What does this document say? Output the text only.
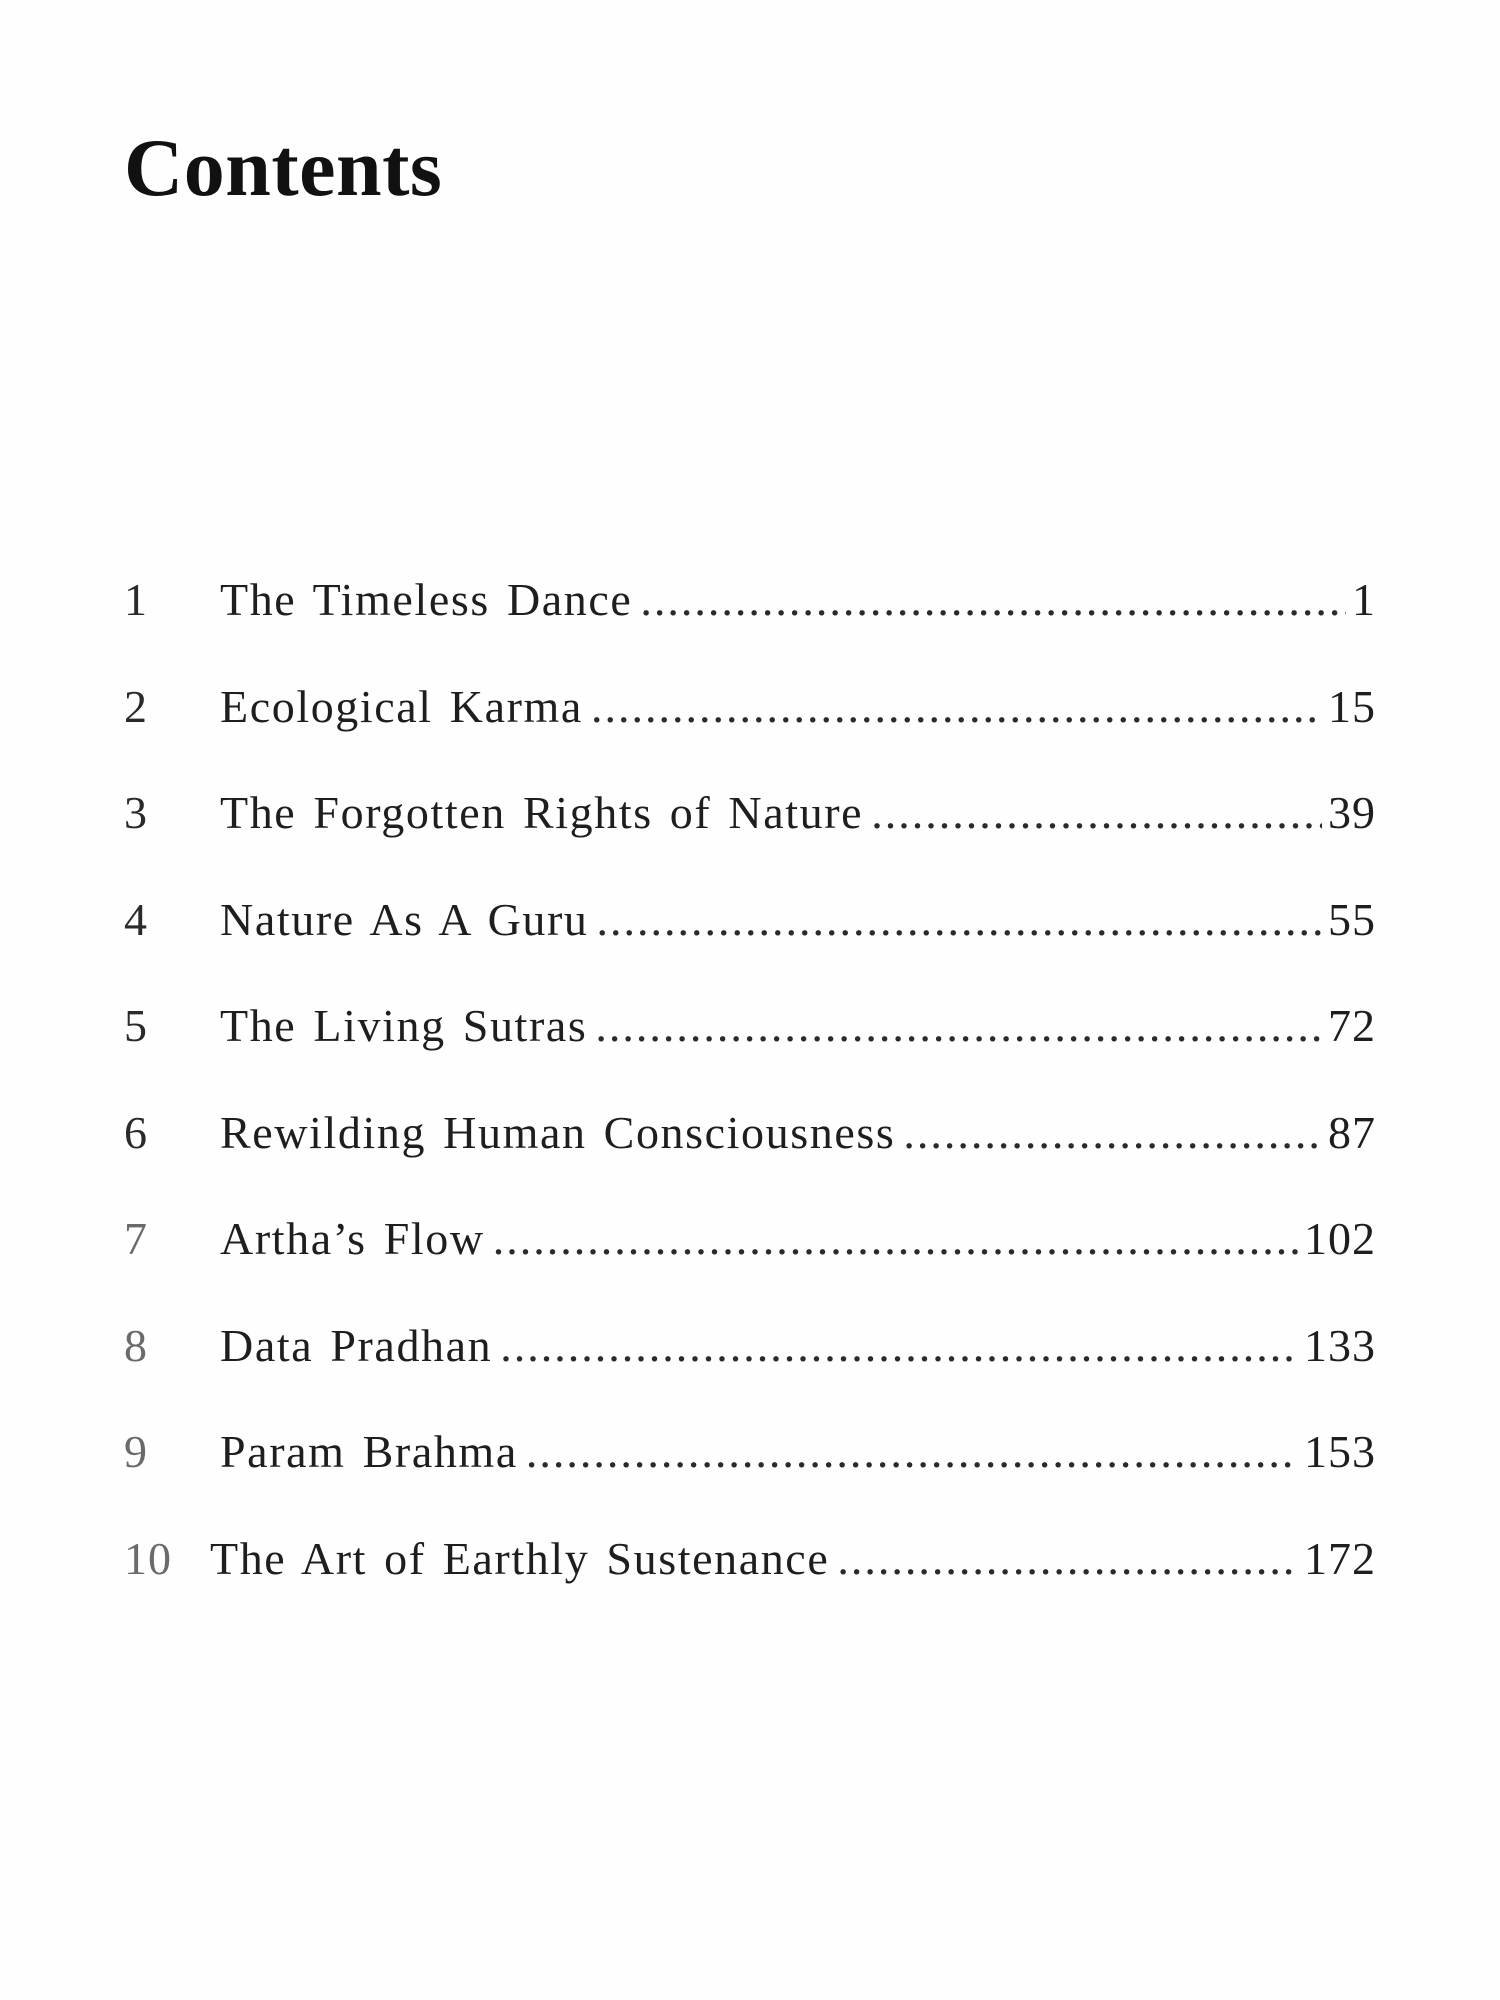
Contents
1	The Timeless Dance .....	1
2	Ecological Karma .....	15
3	The Forgotten Rights of Nature .....	39
4	Nature As A Guru .....	55
5	The Living Sutras .....	72
6	Rewilding Human Consciousness .....	87
7	Artha’s Flow .....	102
8	Data Pradhan .....	133
9	Param Brahma .....	153
10 The Art of Earthly Sustenance .....	172
